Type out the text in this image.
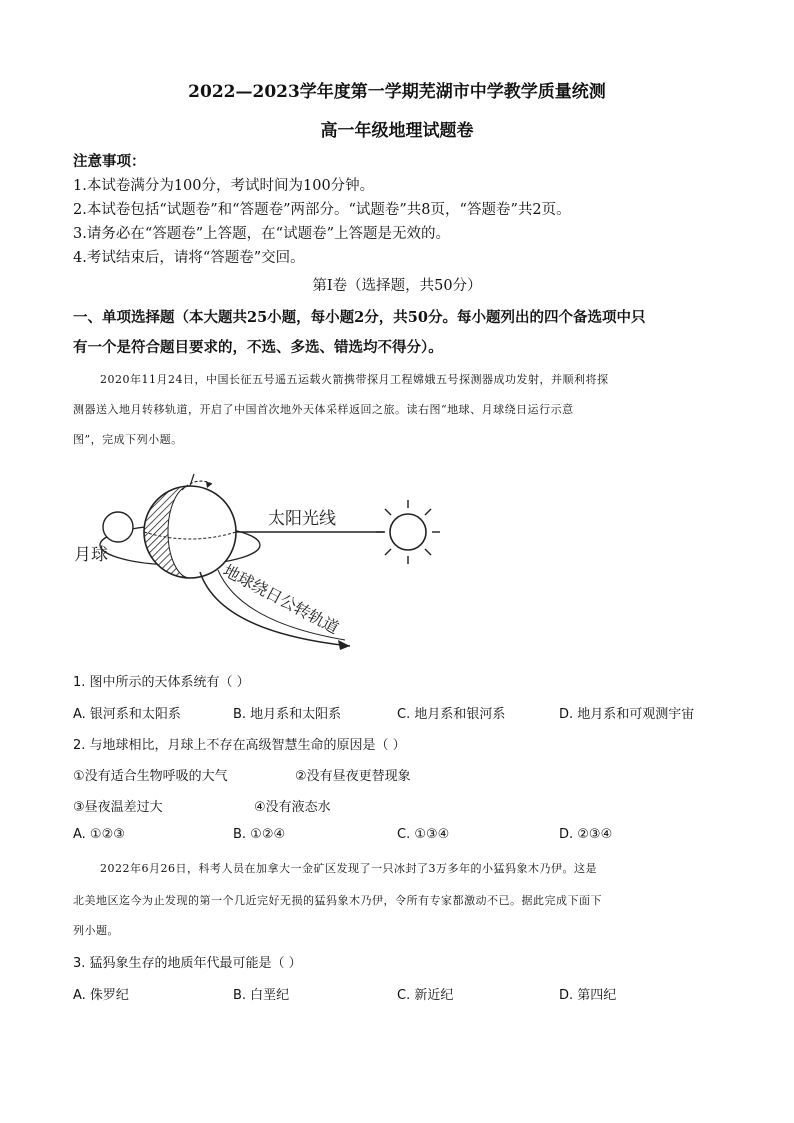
2022—2023学年度第一学期芜湖市中学教学质量统测
高一年级地理试题卷
注意事项：
1.本试卷满分为100分，考试时间为100分钟。
2.本试卷包括“试题卷”和“答题卷”两部分。“试题卷”共8页，“答题卷”共2页。
3.请务必在“答题卷”上答题，在“试题卷”上答题是无效的。
4.考试结束后，请将“答题卷”交回。
第I卷（选择题，共50分）
一、单项选择题（本大题共25小题，每小题2分，共50分。每小题列出的四个备选项中只
有一个是符合题目要求的，不选、多选、错选均不得分）。
2020年11月24日，中国长征五号遥五运载火箭携带探月工程嫦娥五号探测器成功发射，并顺利将探
测器送入地月转移轨道，开启了中国首次地外天体采样返回之旅。读右图“地球、月球绕日运行示意
图”，完成下列小题。
月球
太阳光线
地球绕日公转轨道
1. 图中所示的天体系统有（ ）
A. 银河系和太阳系	B. 地月系和太阳系	C. 地月系和银河系	D. 地月系和可观测宇宙
2. 与地球相比，月球上不存在高级智慧生命的原因是（ ）
①没有适合生物呼吸的大气	②没有昼夜更替现象
③昼夜温差过大	④没有液态水
A. ①②③	B. ①②④	C. ①③④	D. ②③④
2022年6月26日，科考人员在加拿大一金矿区发现了一只冰封了3万多年的小猛犸象木乃伊。这是
北美地区迄今为止发现的第一个几近完好无损的猛犸象木乃伊，令所有专家都激动不已。据此完成下面下
列小题。
3. 猛犸象生存的地质年代最可能是（ ）
A. 侏罗纪	B. 白垩纪	C. 新近纪	D. 第四纪
